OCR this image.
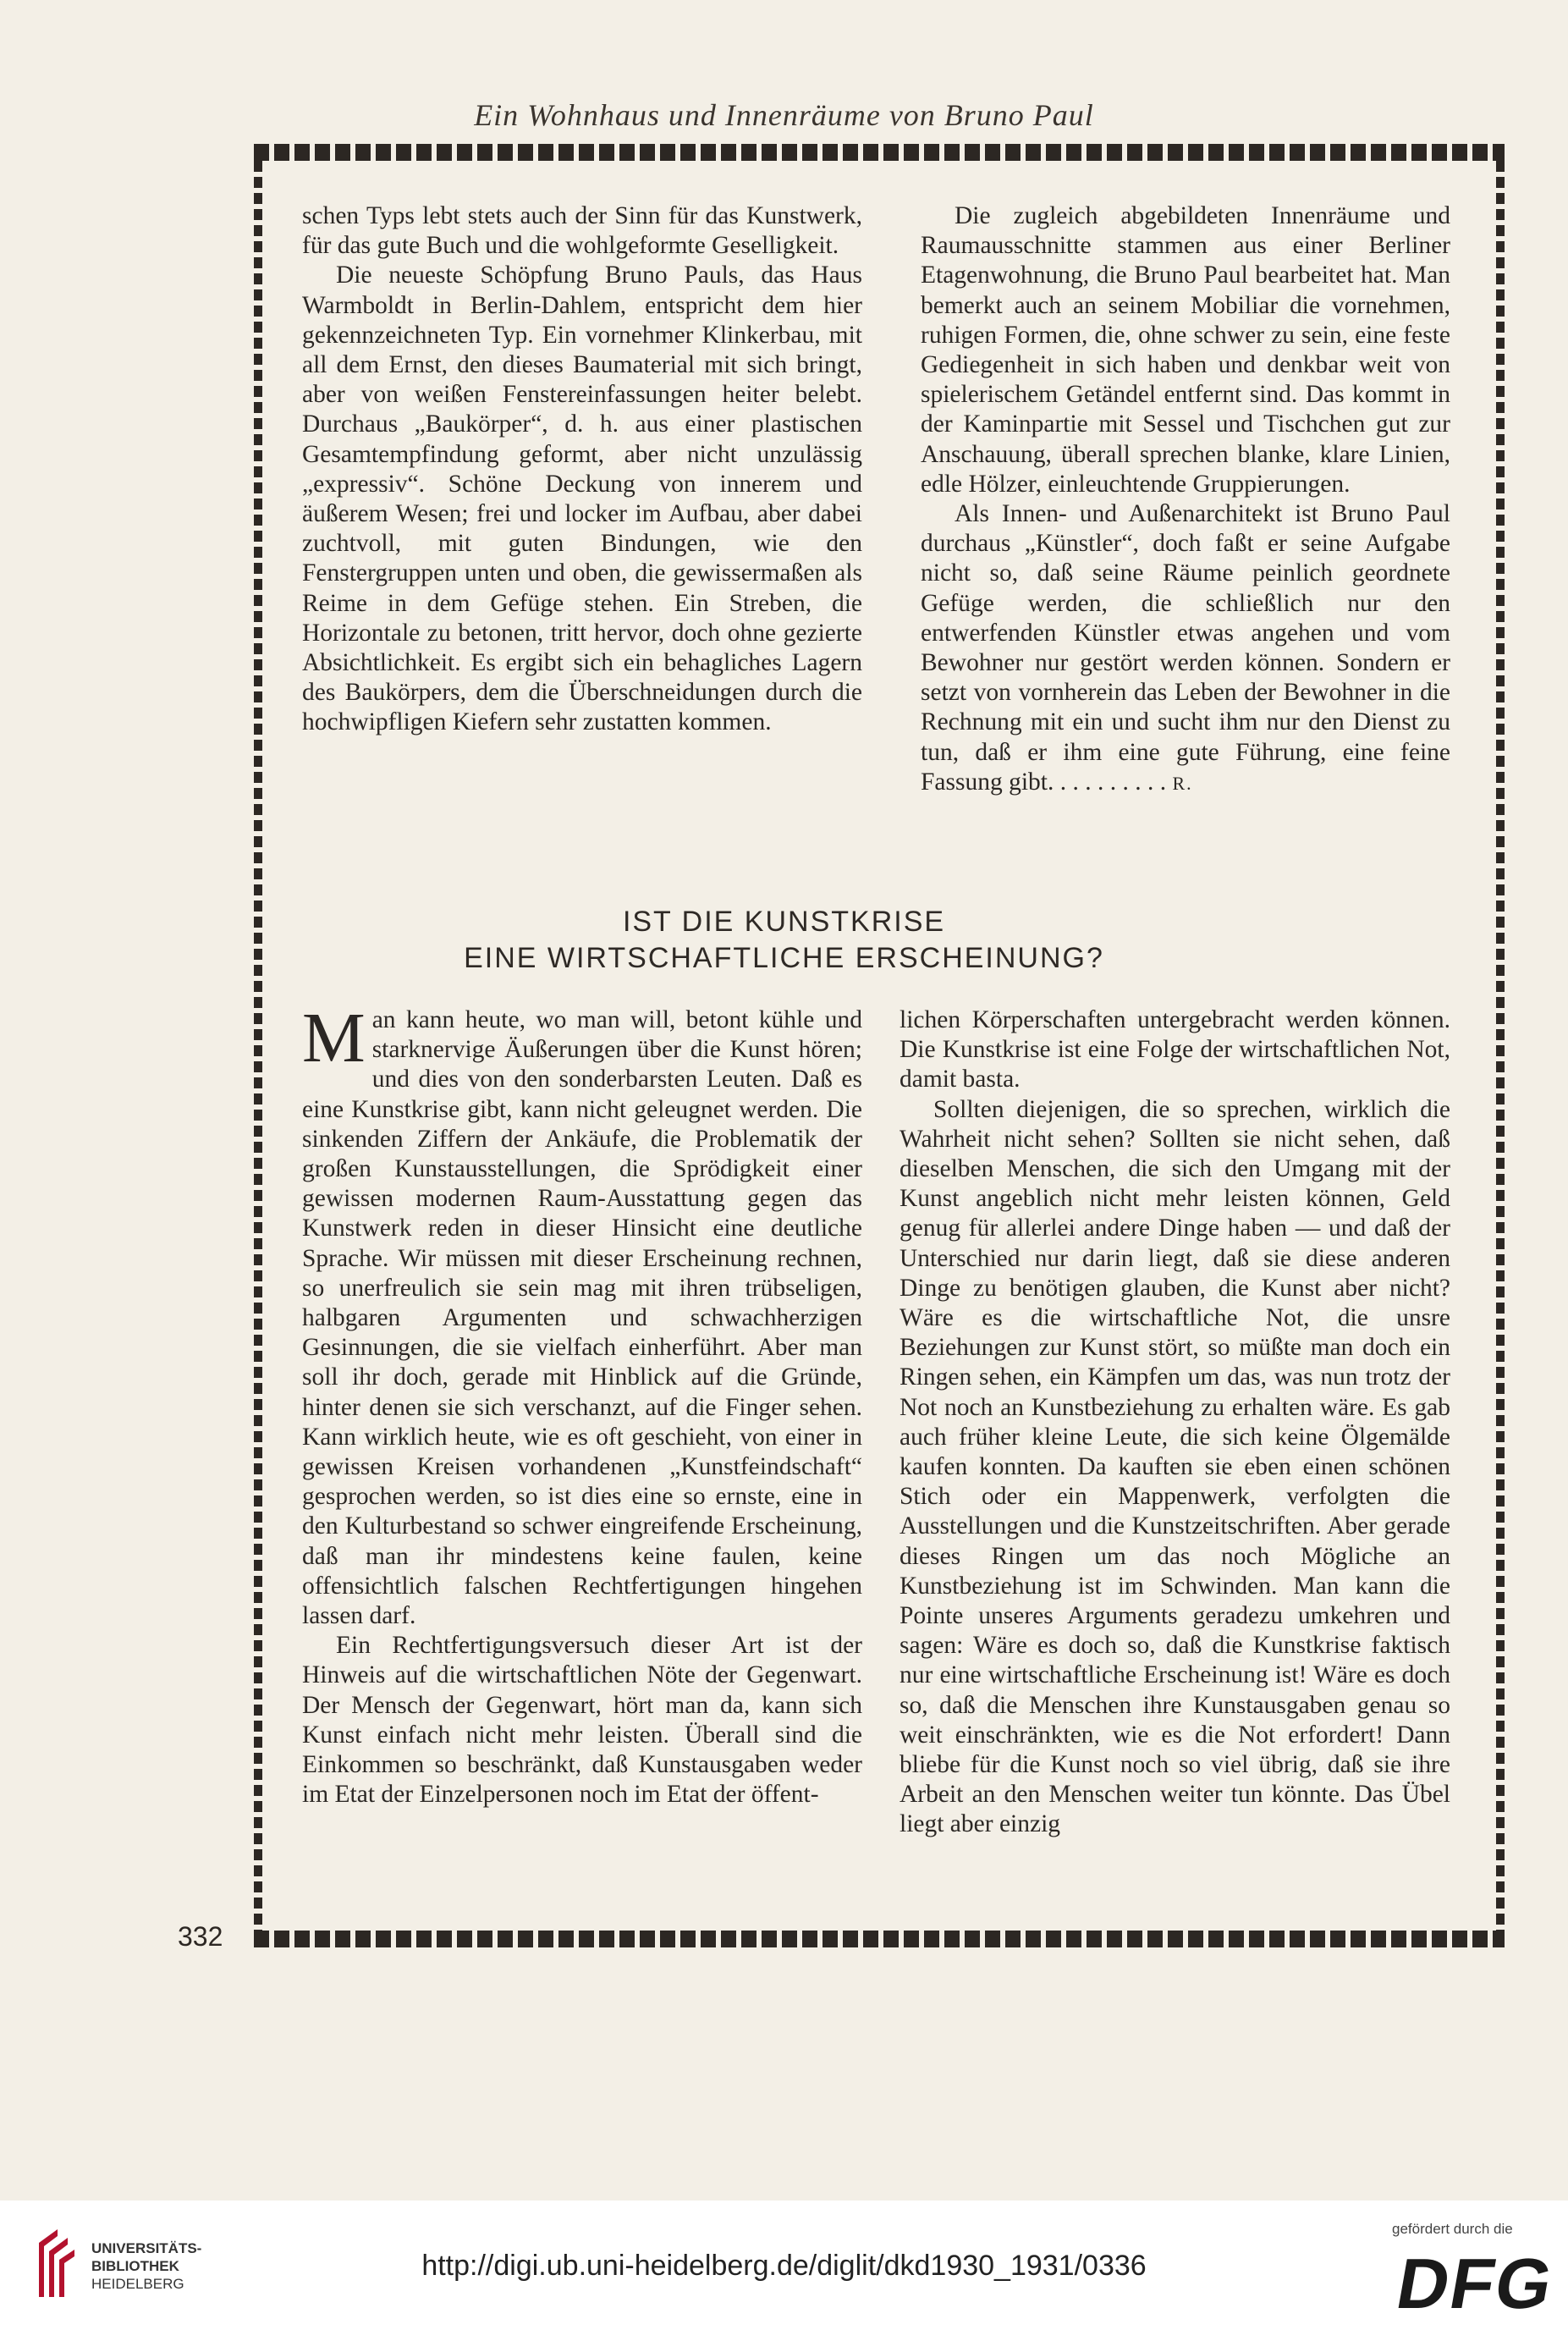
Ein Wohnhaus und Innenräume von Bruno Paul
332

schen Typs lebt stets auch der Sinn für das Kunstwerk, für das gute Buch und die wohlgeformte Geselligkeit.

Die neueste Schöpfung Bruno Pauls, das Haus Warmboldt in Berlin-Dahlem, entspricht dem hier gekennzeichneten Typ. Ein vornehmer Klinkerbau, mit all dem Ernst, den dieses Baumaterial mit sich bringt, aber von weißen Fenstereinfassungen heiter belebt. Durchaus „Baukörper“, d. h. aus einer plastischen Gesamtempfindung geformt, aber nicht unzulässig „expressiv“. Schöne Deckung von innerem und äußerem Wesen; frei und locker im Aufbau, aber dabei zuchtvoll, mit guten Bindungen, wie den Fenstergruppen unten und oben, die gewissermaßen als Reime in dem Gefüge stehen. Ein Streben, die Horizontale zu betonen, tritt hervor, doch ohne gezierte Absichtlichkeit. Es ergibt sich ein behagliches Lagern des Baukörpers, dem die Überschneidungen durch die hochwipfligen Kiefern sehr zustatten kommen.

Die zugleich abgebildeten Innenräume und Raumausschnitte stammen aus einer Berliner Etagenwohnung, die Bruno Paul bearbeitet hat. Man bemerkt auch an seinem Mobiliar die vornehmen, ruhigen Formen, die, ohne schwer zu sein, eine feste Gediegenheit in sich haben und denkbar weit von spielerischem Getändel entfernt sind. Das kommt in der Kaminpartie mit Sessel und Tischchen gut zur Anschauung, überall sprechen blanke, klare Linien, edle Hölzer, einleuchtende Gruppierungen.

Als Innen- und Außenarchitekt ist Bruno Paul durchaus „Künstler“, doch faßt er seine Aufgabe nicht so, daß seine Räume peinlich geordnete Gefüge werden, die schließlich nur den entwerfenden Künstler etwas angehen und vom Bewohner nur gestört werden können. Sondern er setzt von vornherein das Leben der Bewohner in die Rechnung mit ein und sucht ihm nur den Dienst zu tun, daß er ihm eine gute Führung, eine feine Fassung gibt. . . . . . . . . . R.

IST DIE KUNSTKRISE
EINE WIRTSCHAFTLICHE ERSCHEINUNG?

Man kann heute, wo man will, betont kühle und starknervige Äußerungen über die Kunst hören; und dies von den sonderbarsten Leuten. Daß es eine Kunstkrise gibt, kann nicht geleugnet werden. Die sinkenden Ziffern der Ankäufe, die Problematik der großen Kunstausstellungen, die Sprödigkeit einer gewissen modernen Raum-Ausstattung gegen das Kunstwerk reden in dieser Hinsicht eine deutliche Sprache. Wir müssen mit dieser Erscheinung rechnen, so unerfreulich sie sein mag mit ihren trübseligen, halbgaren Argumenten und schwachherzigen Gesinnungen, die sie vielfach einherführt. Aber man soll ihr doch, gerade mit Hinblick auf die Gründe, hinter denen sie sich verschanzt, auf die Finger sehen. Kann wirklich heute, wie es oft geschieht, von einer in gewissen Kreisen vorhandenen „Kunstfeindschaft“ gesprochen werden, so ist dies eine so ernste, eine in den Kulturbestand so schwer eingreifende Erscheinung, daß man ihr mindestens keine faulen, keine offensichtlich falschen Rechtfertigungen hingehen lassen darf.

Ein Rechtfertigungsversuch dieser Art ist der Hinweis auf die wirtschaftlichen Nöte der Gegenwart. Der Mensch der Gegenwart, hört man da, kann sich Kunst einfach nicht mehr leisten. Überall sind die Einkommen so beschränkt, daß Kunstausgaben weder im Etat der Einzelpersonen noch im Etat der öffent-

lichen Körperschaften untergebracht werden können. Die Kunstkrise ist eine Folge der wirtschaftlichen Not, damit basta.

Sollten diejenigen, die so sprechen, wirklich die Wahrheit nicht sehen? Sollten sie nicht sehen, daß dieselben Menschen, die sich den Umgang mit der Kunst angeblich nicht mehr leisten können, Geld genug für allerlei andere Dinge haben — und daß der Unterschied nur darin liegt, daß sie diese anderen Dinge zu benötigen glauben, die Kunst aber nicht? Wäre es die wirtschaftliche Not, die unsre Beziehungen zur Kunst stört, so müßte man doch ein Ringen sehen, ein Kämpfen um das, was nun trotz der Not noch an Kunstbeziehung zu erhalten wäre. Es gab auch früher kleine Leute, die sich keine Ölgemälde kaufen konnten. Da kauften sie eben einen schönen Stich oder ein Mappenwerk, verfolgten die Ausstellungen und die Kunstzeitschriften. Aber gerade dieses Ringen um das noch Mögliche an Kunstbeziehung ist im Schwinden. Man kann die Pointe unseres Arguments geradezu umkehren und sagen: Wäre es doch so, daß die Kunstkrise faktisch nur eine wirtschaftliche Erscheinung ist! Wäre es doch so, daß die Menschen ihre Kunstausgaben genau so weit einschränkten, wie es die Not erfordert! Dann bliebe für die Kunst noch so viel übrig, daß sie ihre Arbeit an den Menschen weiter tun könnte. Das Übel liegt aber einzig

UNIVERSITÄTS-
BIBLIOTHEK
HEIDELBERG
http://digi.ub.uni-heidelberg.de/diglit/dkd1930_1931/0336
gefördert durch die
DFG
